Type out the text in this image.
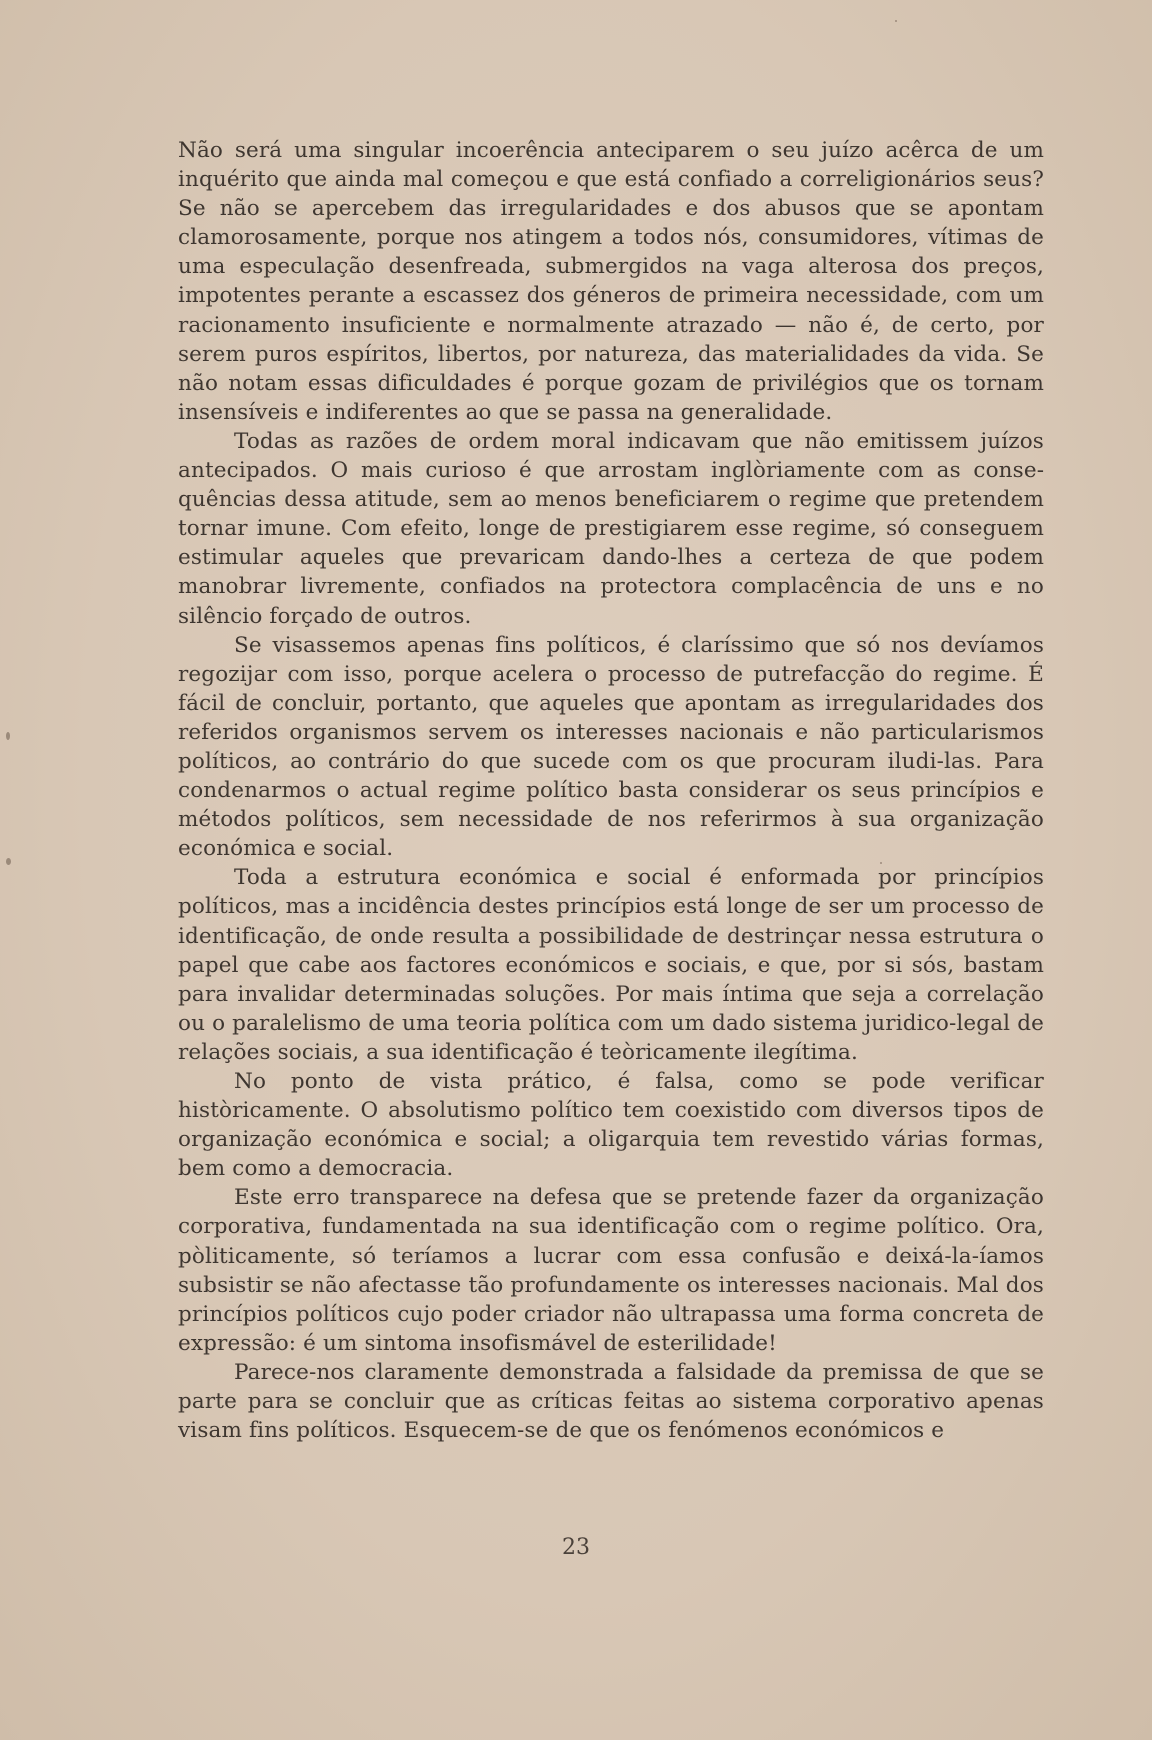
Não será uma singular incoerência anteciparem o seu juízo acêrca de um inquérito que ainda mal começou e que está confiado a correligionários seus? Se não se apercebem das irregularidades e dos abusos que se apontam clamorosamente, porque nos atingem a todos nós, consumidores, vítimas de uma especulação desenfreada, submergidos na vaga alterosa dos preços, impotentes perante a escassez dos géneros de primeira necessidade, com um racionamento insuficiente e normalmente atrazado — não é, de certo, por serem puros espíritos, libertos, por natureza, das materialidades da vida. Se não notam essas dificuldades é porque gozam de privilégios que os tornam insensíveis e indiferentes ao que se passa na generalidade.

Todas as razões de ordem moral indicavam que não emitissem juízos antecipados. O mais curioso é que arrostam inglòriamente com as consequências dessa atitude, sem ao menos beneficiarem o regime que pretendem tornar imune. Com efeito, longe de prestigiarem esse regime, só conseguem estimular aqueles que prevaricam dando-lhes a certeza de que podem manobrar livremente, confiados na protectora complacência de uns e no silêncio forçado de outros.

Se visassemos apenas fins políticos, é claríssimo que só nos devíamos regozijar com isso, porque acelera o processo de putrefacção do regime. É fácil de concluir, portanto, que aqueles que apontam as irregularidades dos referidos organismos servem os interesses nacionais e não particularismos políticos, ao contrário do que sucede com os que procuram iludi-las. Para condenarmos o actual regime político basta considerar os seus princípios e métodos políticos, sem necessidade de nos referirmos à sua organização económica e social.

Toda a estrutura económica e social é enformada por princípios políticos, mas a incidência destes princípios está longe de ser um processo de identificação, de onde resulta a possibilidade de destrinçar nessa estrutura o papel que cabe aos factores económicos e sociais, e que, por si sós, bastam para invalidar determinadas soluções. Por mais íntima que seja a correlação ou o paralelismo de uma teoria política com um dado sistema juridico-legal de relações sociais, a sua identificação é teòricamente ilegítima.

No ponto de vista prático, é falsa, como se pode verificar històricamente. O absolutismo político tem coexistido com diversos tipos de organização económica e social; a oligarquia tem revestido várias formas, bem como a democracia.

Este erro transparece na defesa que se pretende fazer da organização corporativa, fundamentada na sua identificação com o regime político. Ora, pòliticamente, só teríamos a lucrar com essa confusão e deixá-la-íamos subsistir se não afectasse tão profundamente os interesses nacionais. Mal dos princípios políticos cujo poder criador não ultrapassa uma forma concreta de expressão: é um sintoma insofismável de esterilidade!

Parece-nos claramente demonstrada a falsidade da premissa de que se parte para se concluir que as críticas feitas ao sistema corporativo apenas visam fins políticos. Esquecem-se de que os fenómenos económicos e

23
